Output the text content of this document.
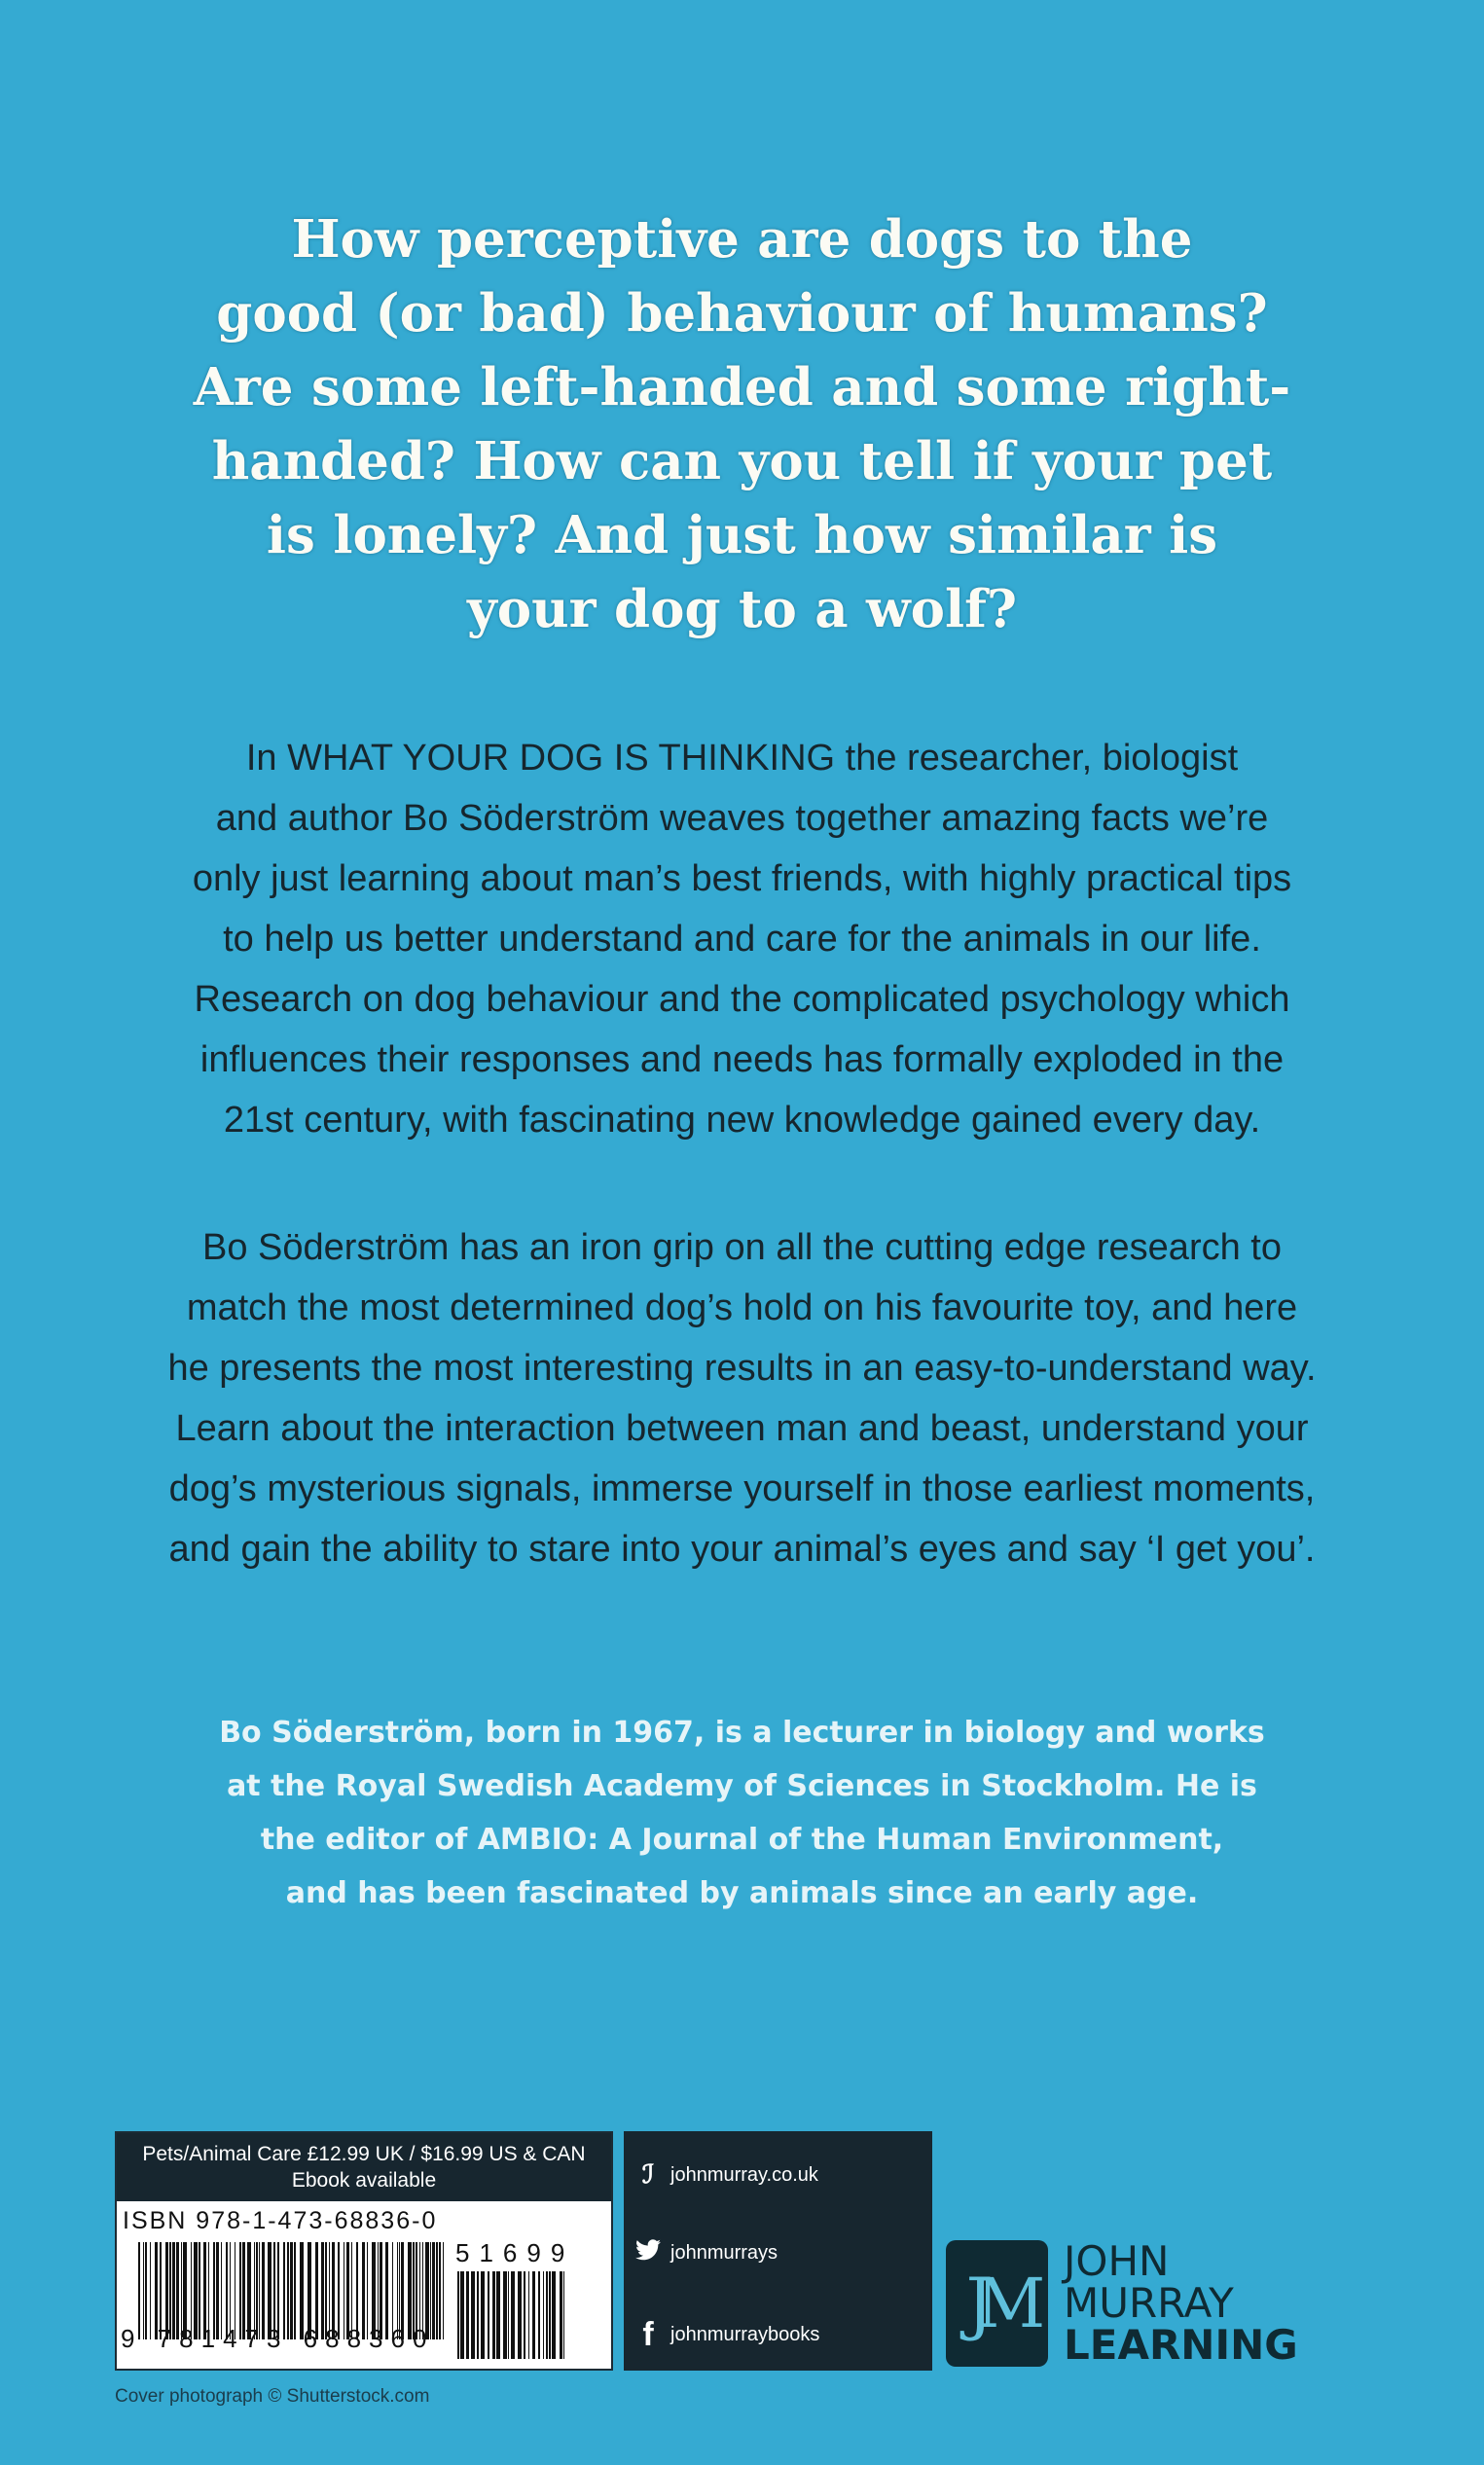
How perceptive are dogs to the
good (or bad) behaviour of humans?
Are some left-handed and some right-
handed? How can you tell if your pet
is lonely? And just how similar is
your dog to a wolf?
In WHAT YOUR DOG IS THINKING the researcher, biologist
and author Bo Söderström weaves together amazing facts we’re
only just learning about man’s best friends, with highly practical tips
to help us better understand and care for the animals in our life.
Research on dog behaviour and the complicated psychology which
influences their responses and needs has formally exploded in the
21st century, with fascinating new knowledge gained every day.
Bo Söderström has an iron grip on all the cutting edge research to
match the most determined dog’s hold on his favourite toy, and here
he presents the most interesting results in an easy-to-understand way.
Learn about the interaction between man and beast, understand your
dog’s mysterious signals, immerse yourself in those earliest moments,
and gain the ability to stare into your animal’s eyes and say ‘I get you’.
Bo Söderström, born in 1967, is a lecturer in biology and works
at the Royal Swedish Academy of Sciences in Stockholm. He is
the editor of AMBIO: A Journal of the Human Environment,
and has been fascinated by animals since an early age.
Pets/Animal Care £12.99 UK / $16.99 US & CAN
Ebook available
ISBN 978-1-473-68836-0
51699
9 781473 688360
ℐ johnmurray.co.uk
johnmurrays
f johnmurraybooks JM
JOHN
MURRAY
LEARNING
Cover photograph © Shutterstock.com
